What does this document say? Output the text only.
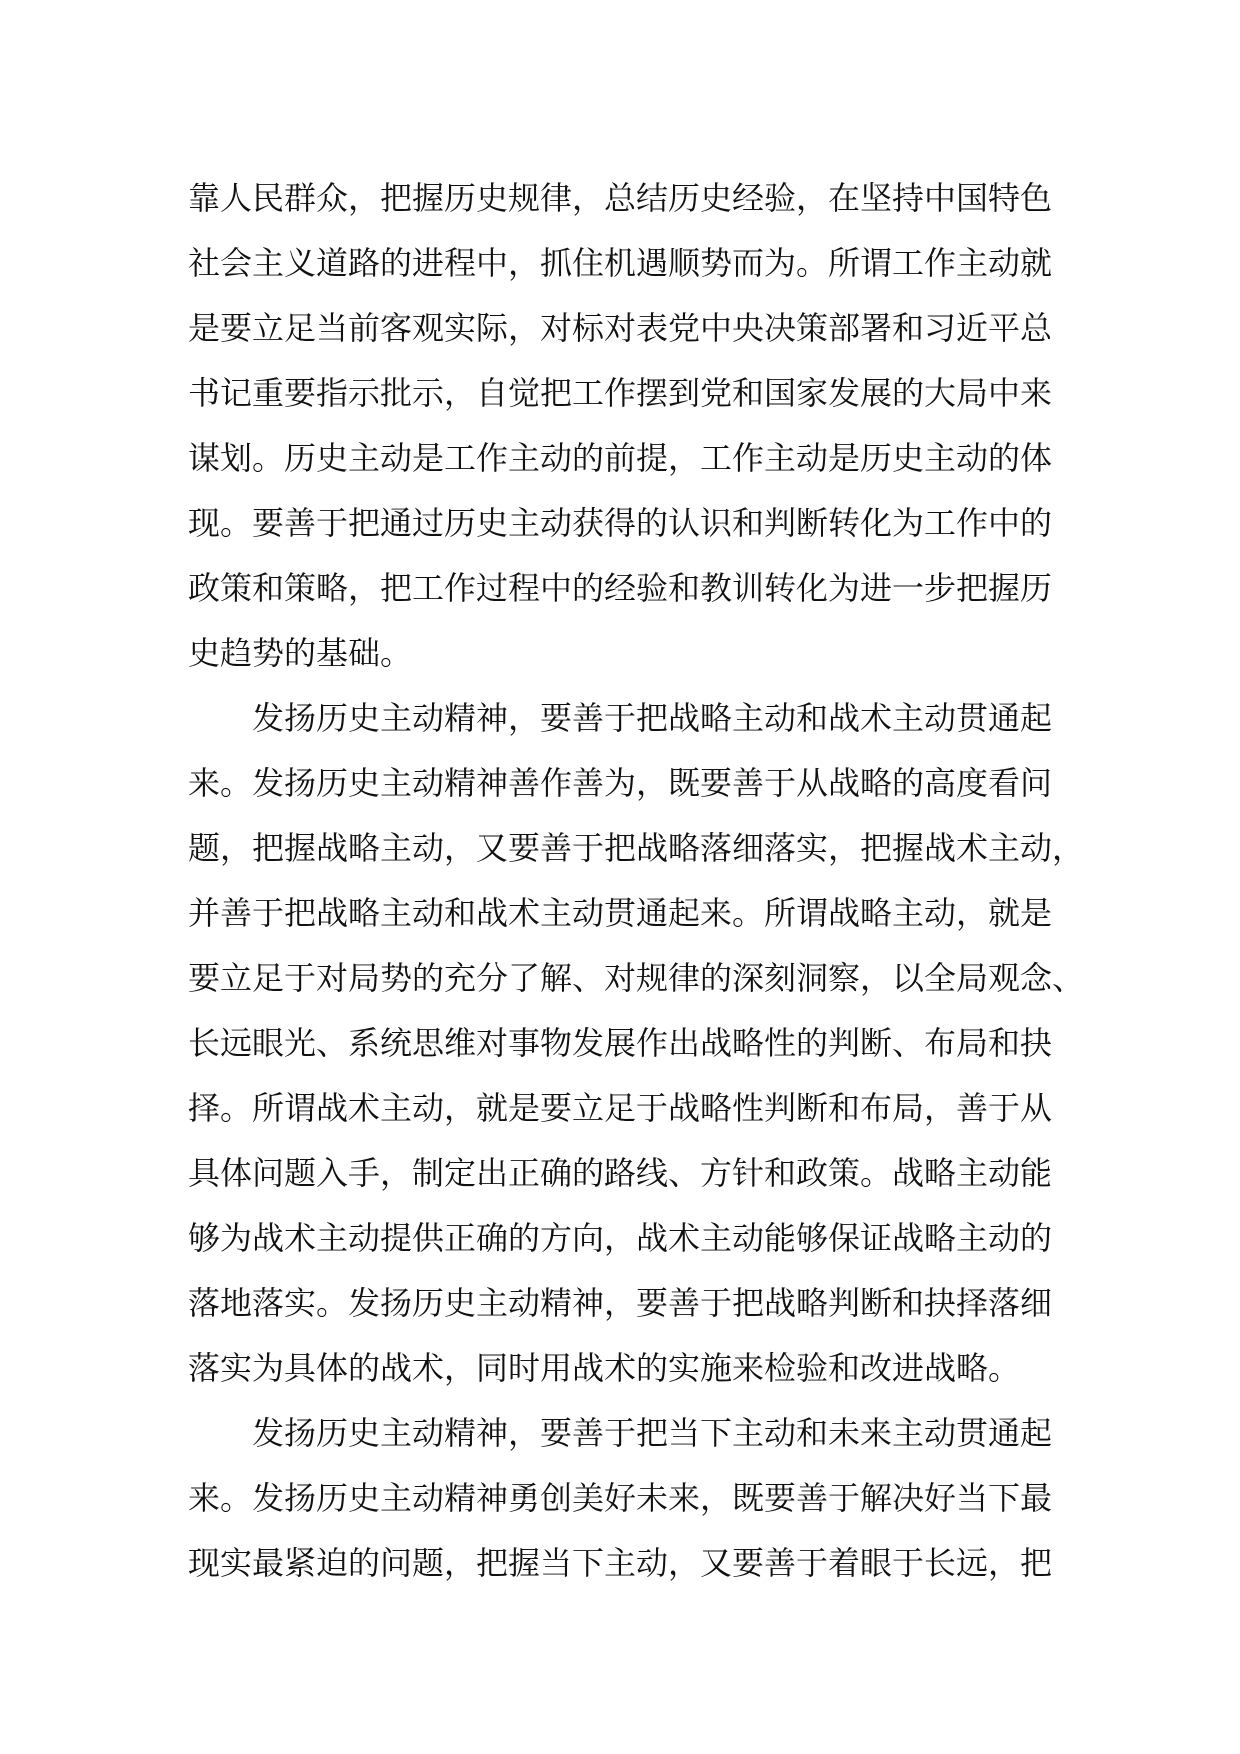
靠人民群众，把握历史规律，总结历史经验，在坚持中国特色
社会主义道路的进程中，抓住机遇顺势而为。所谓工作主动就
是要立足当前客观实际，对标对表党中央决策部署和习近平总
书记重要指示批示，自觉把工作摆到党和国家发展的大局中来
谋划。历史主动是工作主动的前提，工作主动是历史主动的体
现。要善于把通过历史主动获得的认识和判断转化为工作中的
政策和策略，把工作过程中的经验和教训转化为进一步把握历
史趋势的基础。
发扬历史主动精神，要善于把战略主动和战术主动贯通起
来。发扬历史主动精神善作善为，既要善于从战略的高度看问
题，把握战略主动，又要善于把战略落细落实，把握战术主动，
并善于把战略主动和战术主动贯通起来。所谓战略主动，就是
要立足于对局势的充分了解、对规律的深刻洞察，以全局观念、
长远眼光、系统思维对事物发展作出战略性的判断、布局和抉
择。所谓战术主动，就是要立足于战略性判断和布局，善于从
具体问题入手，制定出正确的路线、方针和政策。战略主动能
够为战术主动提供正确的方向，战术主动能够保证战略主动的
落地落实。发扬历史主动精神，要善于把战略判断和抉择落细
落实为具体的战术，同时用战术的实施来检验和改进战略。
发扬历史主动精神，要善于把当下主动和未来主动贯通起
来。发扬历史主动精神勇创美好未来，既要善于解决好当下最
现实最紧迫的问题，把握当下主动，又要善于着眼于长远，把
